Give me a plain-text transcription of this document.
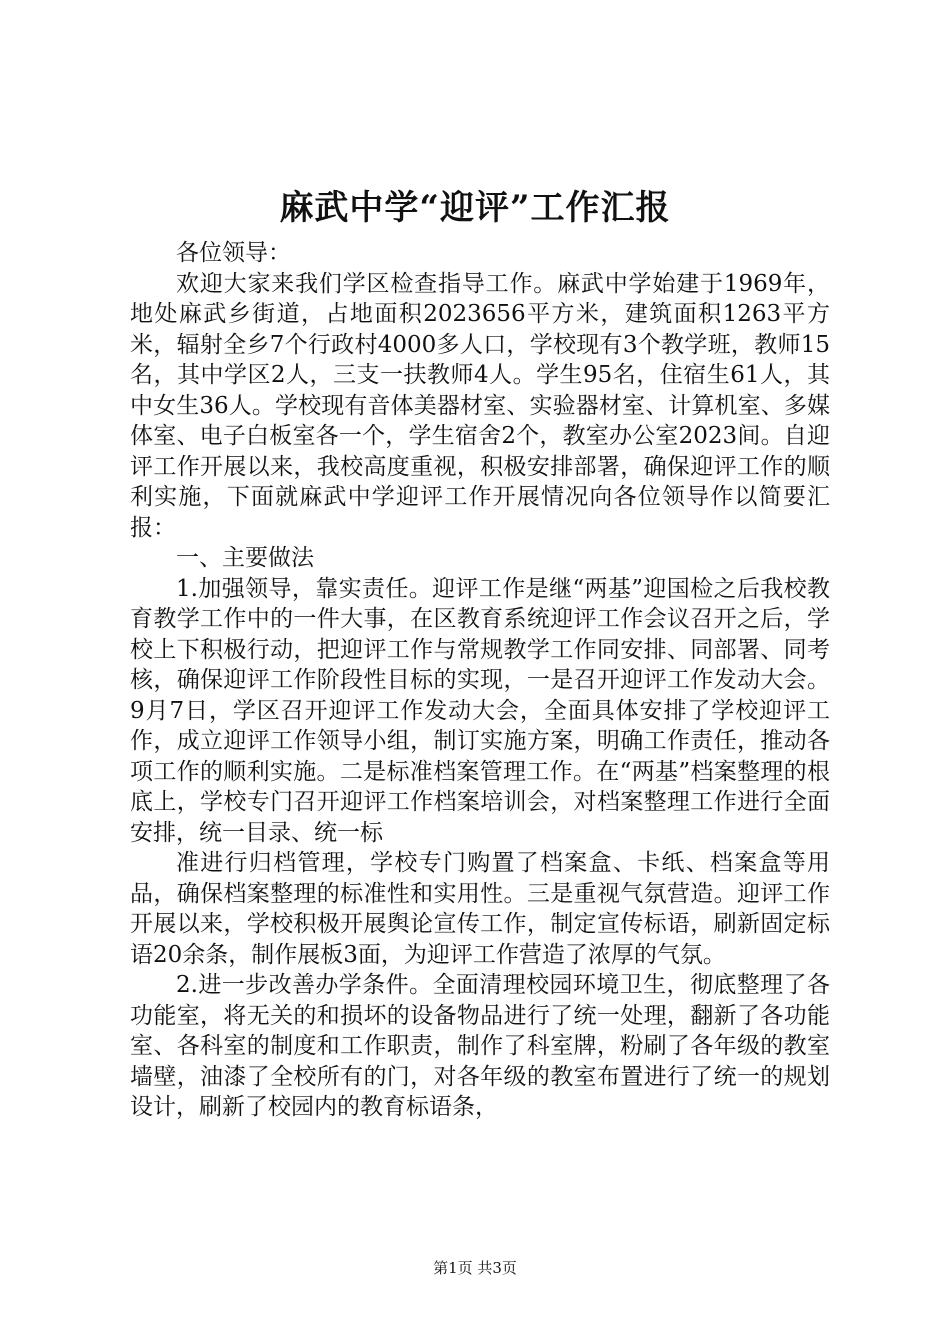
麻武中学“迎评”工作汇报

各位领导：

欢迎大家来我们学区检查指导工作。麻武中学始建于1969年，地处麻武乡街道，占地面积2023656平方米，建筑面积1263平方米，辐射全乡7个行政村4000多人口，学校现有3个教学班，教师15名，其中学区2人，三支一扶教师4人。学生95名，住宿生61人，其中女生36人。学校现有音体美器材室、实验器材室、计算机室、多媒体室、电子白板室各一个，学生宿舍2个，教室办公室2023间。自迎评工作开展以来，我校高度重视，积极安排部署，确保迎评工作的顺利实施，下面就麻武中学迎评工作开展情况向各位领导作以简要汇报：

一、主要做法

1.加强领导，靠实责任。迎评工作是继“两基”迎国检之后我校教育教学工作中的一件大事，在区教育系统迎评工作会议召开之后，学校上下积极行动，把迎评工作与常规教学工作同安排、同部署、同考核，确保迎评工作阶段性目标的实现，一是召开迎评工作发动大会。9月7日，学区召开迎评工作发动大会，全面具体安排了学校迎评工作，成立迎评工作领导小组，制订实施方案，明确工作责任，推动各项工作的顺利实施。二是标准档案管理工作。在“两基”档案整理的根底上，学校专门召开迎评工作档案培训会，对档案整理工作进行全面安排，统一目录、统一标

准进行归档管理，学校专门购置了档案盒、卡纸、档案盒等用品，确保档案整理的标准性和实用性。三是重视气氛营造。迎评工作开展以来，学校积极开展舆论宣传工作，制定宣传标语，刷新固定标语20余条，制作展板3面，为迎评工作营造了浓厚的气氛。

2.进一步改善办学条件。全面清理校园环境卫生，彻底整理了各功能室，将无关的和损坏的设备物品进行了统一处理，翻新了各功能室、各科室的制度和工作职责，制作了科室牌，粉刷了各年级的教室墙壁，油漆了全校所有的门，对各年级的教室布置进行了统一的规划设计，刷新了校园内的教育标语条，

第1页 共3页
